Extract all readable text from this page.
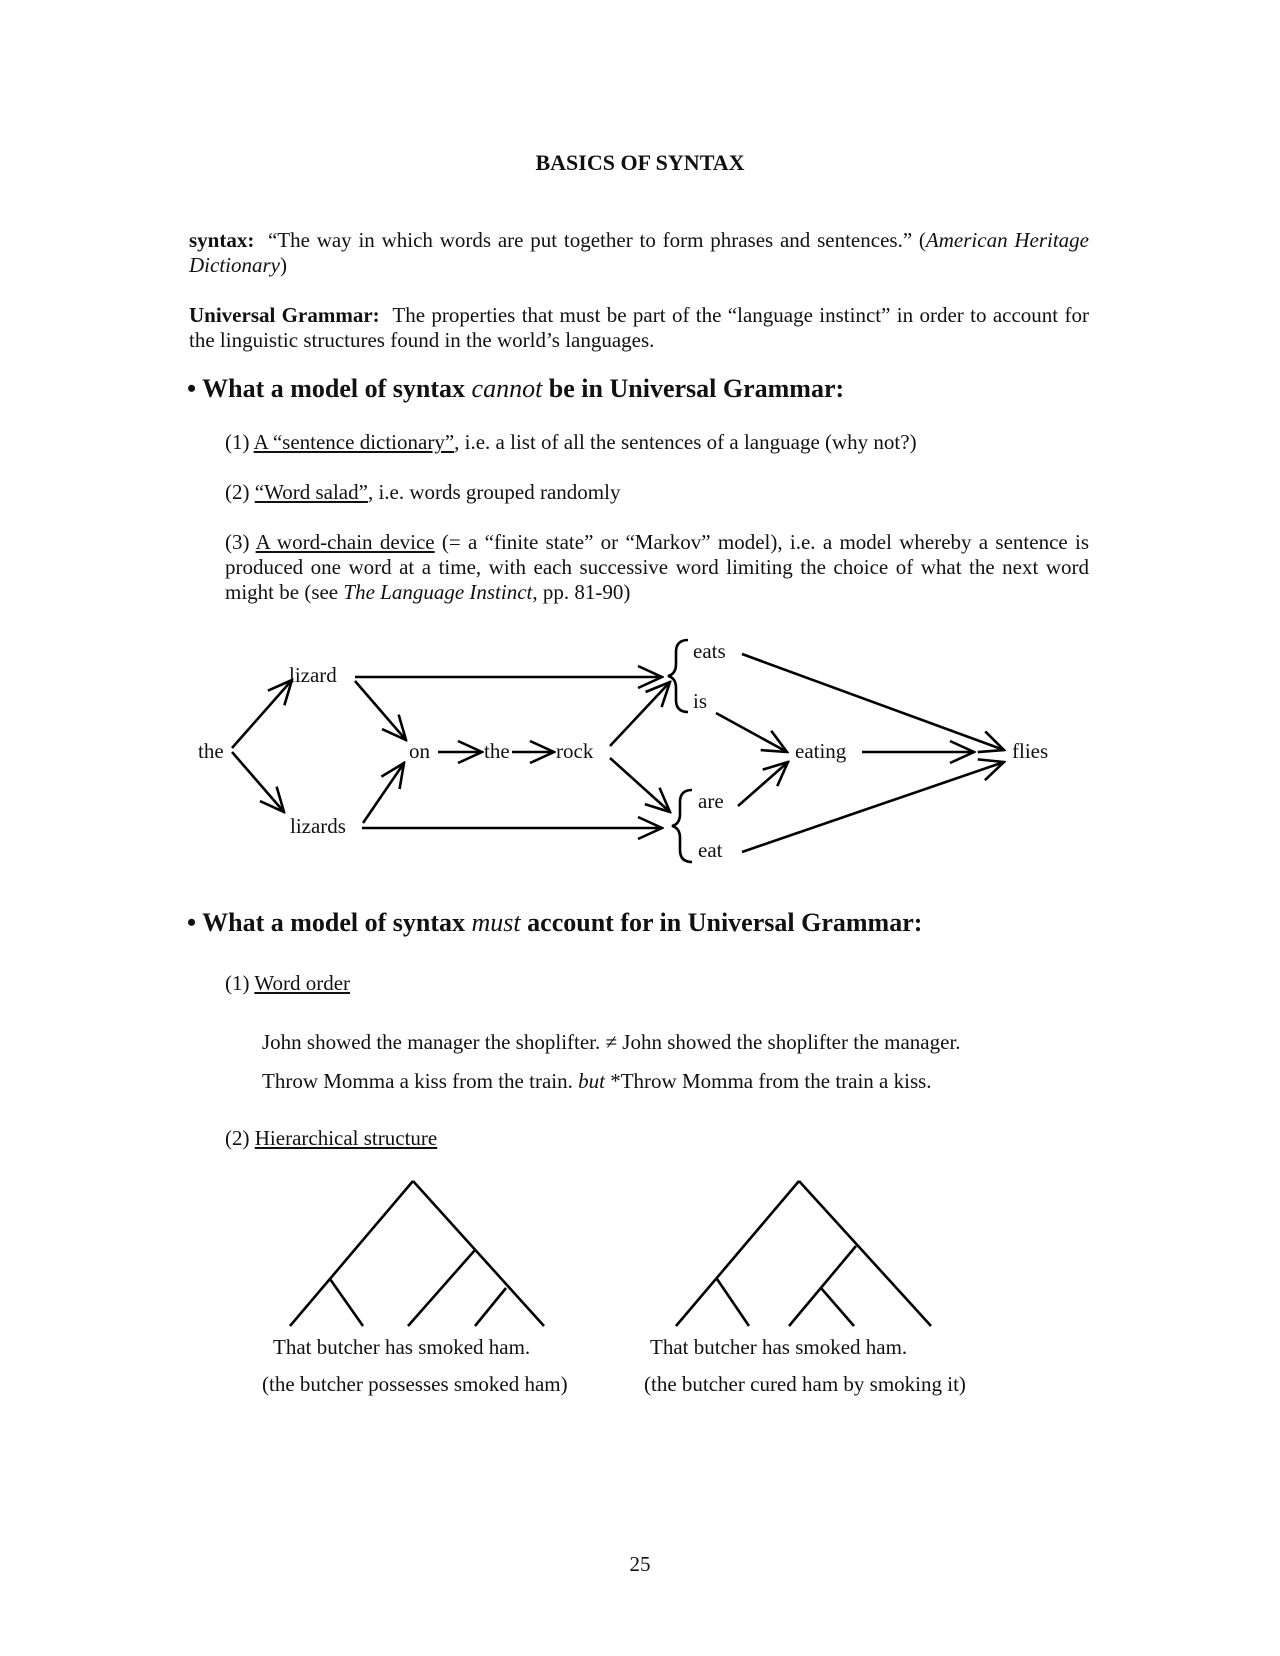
BASICS OF SYNTAX
syntax: “The way in which words are put together to form phrases and sentences.” (American Heritage Dictionary)
Universal Grammar: The properties that must be part of the “language instinct” in order to account for the linguistic structures found in the world’s languages.
• What a model of syntax cannot be in Universal Grammar:
(1) A “sentence dictionary”, i.e. a list of all the sentences of a language (why not?)
(2) “Word salad”, i.e. words grouped randomly
(3) A word-chain device (= a “finite state” or “Markov” model), i.e. a model whereby a sentence is produced one word at a time, with each successive word limiting the choice of what the next word might be (see The Language Instinct, pp. 81-90)
the
lizard
lizards
on	the rock
eats
is
are
eat
eating	flies
• What a model of syntax must account for in Universal Grammar:
(1) Word order
John showed the manager the shoplifter. ≠ John showed the shoplifter the manager.
Throw Momma a kiss from the train. but *Throw Momma from the train a kiss.
(2) Hierarchical structure
That butcher has smoked ham.
(the butcher possesses smoked ham)
That butcher has smoked ham.
(the butcher cured ham by smoking it)
25
